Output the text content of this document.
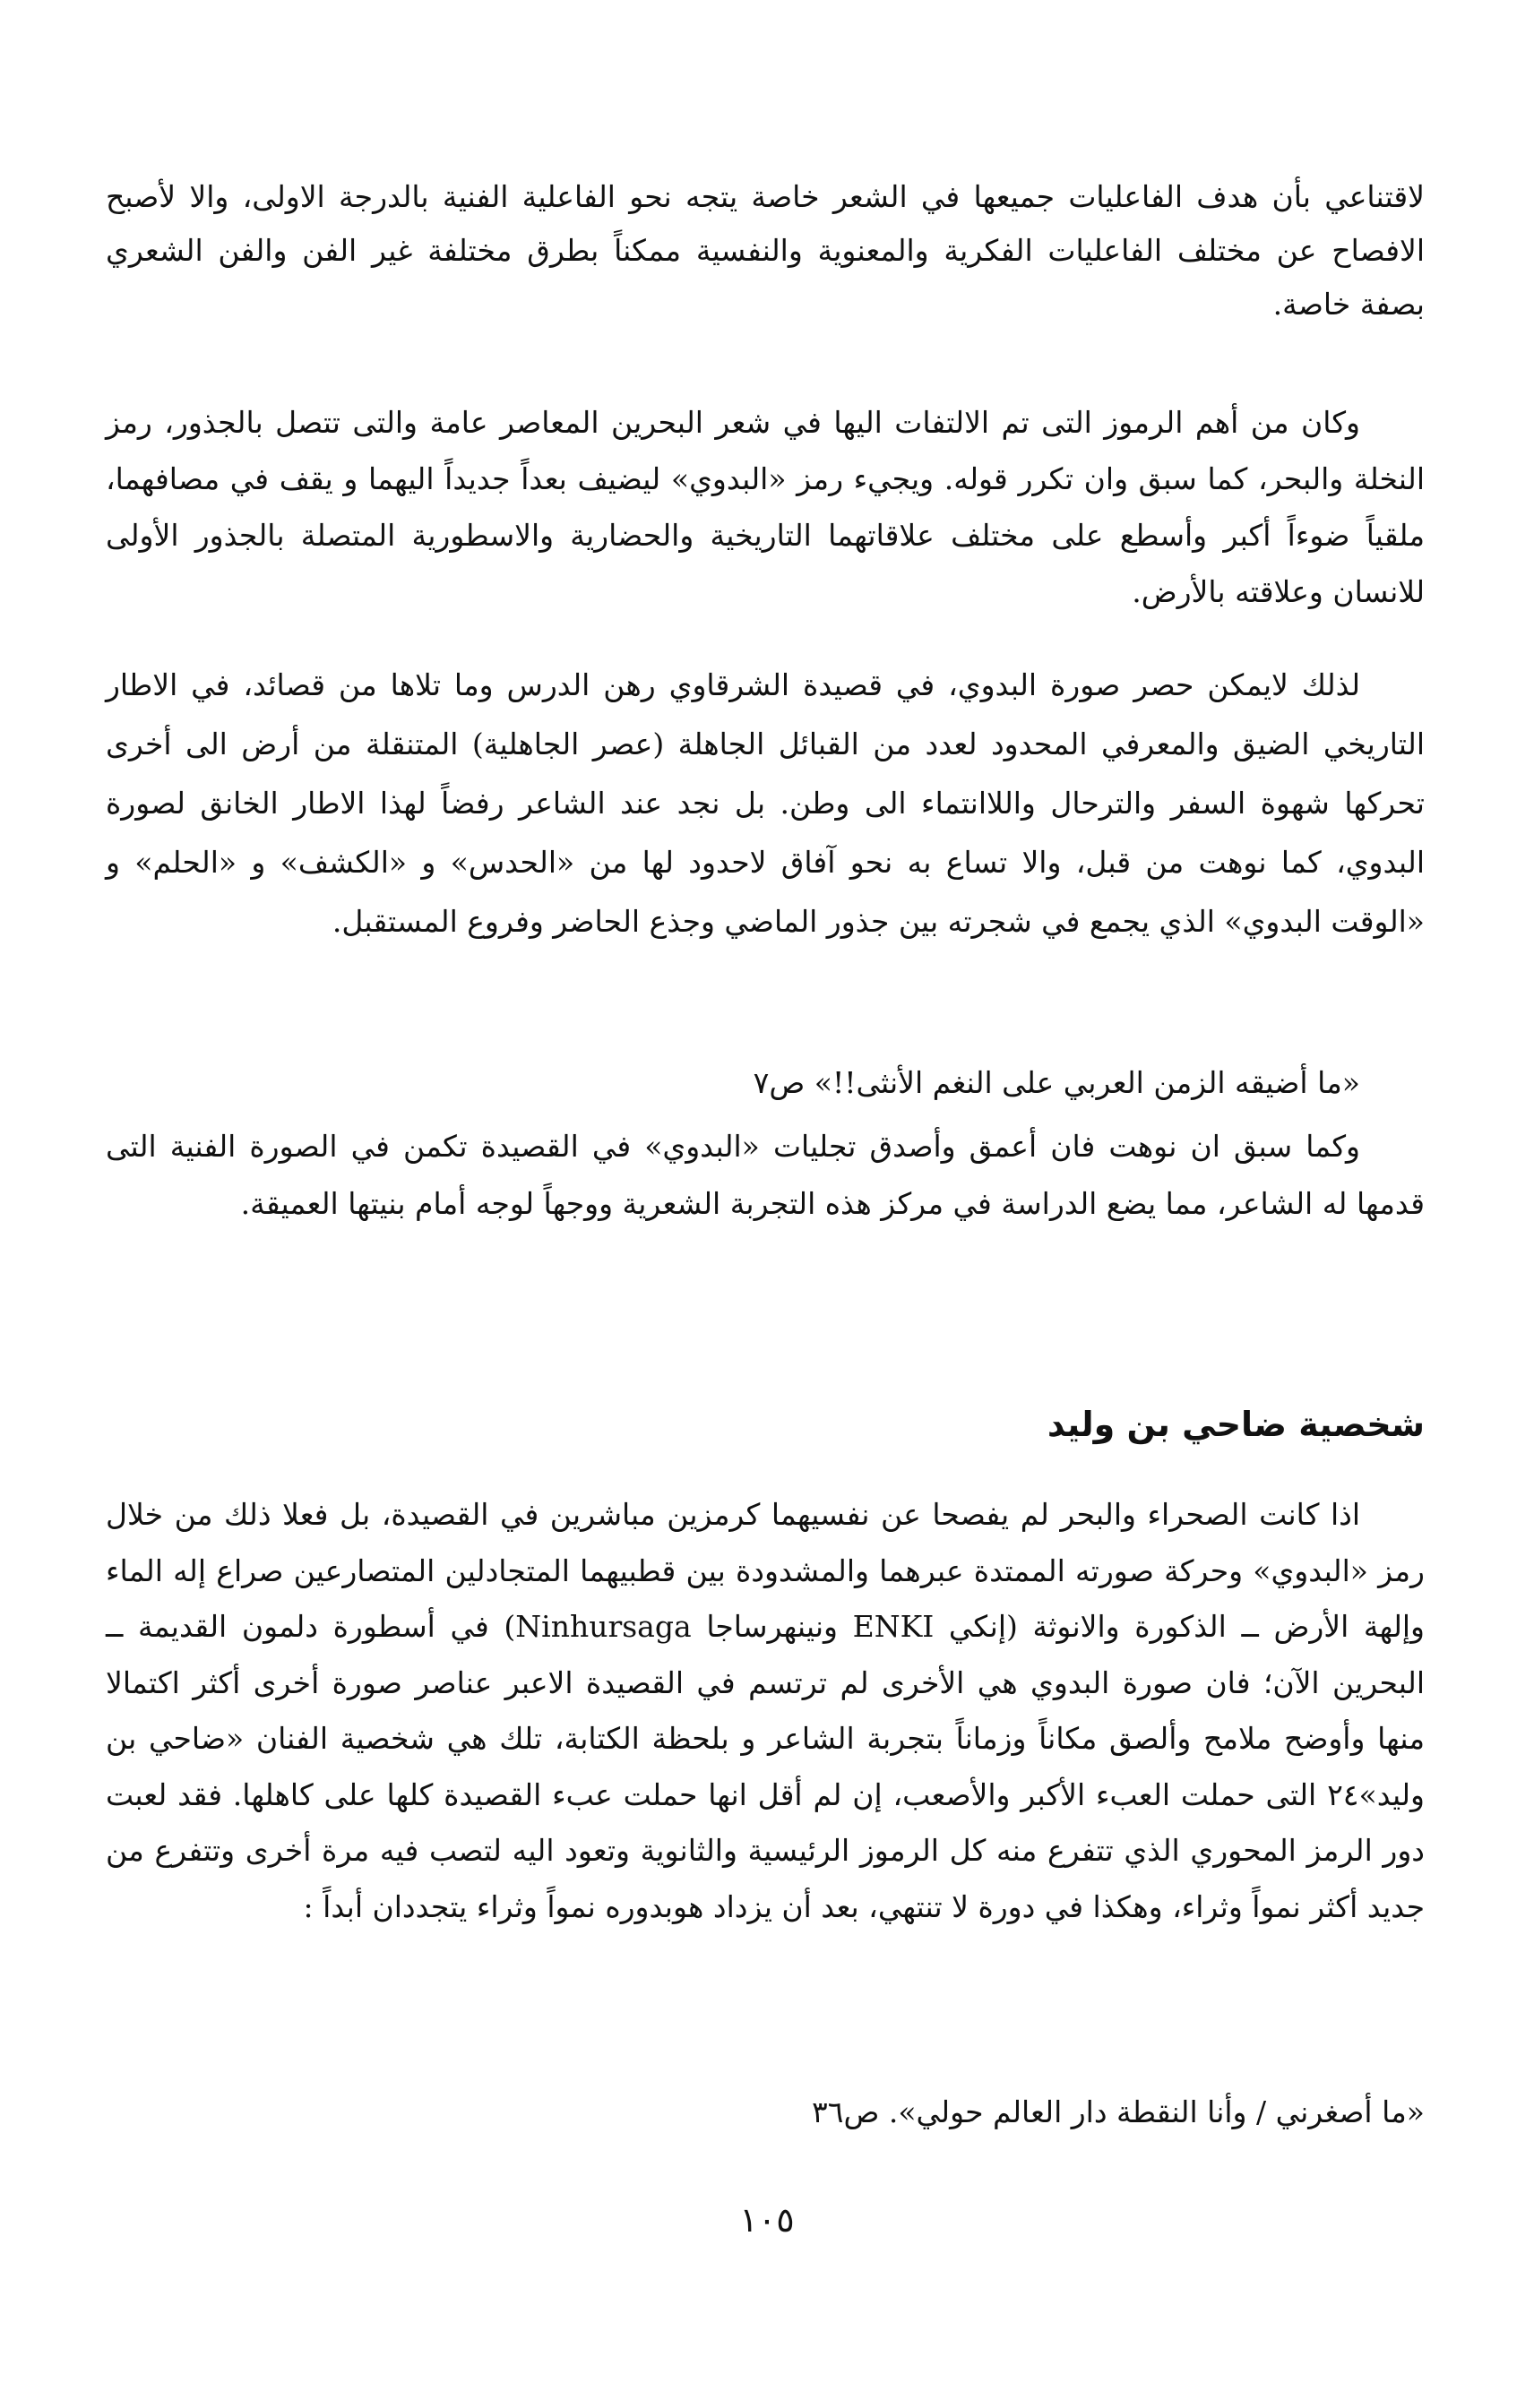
لاقتناعي بأن هدف الفاعليات جميعها في الشعر خاصة يتجه نحو الفاعلية الفنية بالدرجة الاولى، والا لأصبح الافصاح عن مختلف الفاعليات الفكرية والمعنوية والنفسية ممكناً بطرق مختلفة غير الفن والفن الشعري بصفة خاصة.

وكان من أهم الرموز التى تم الالتفات اليها في شعر البحرين المعاصر عامة والتى تتصل بالجذور، رمز النخلة والبحر، كما سبق وان تكرر قوله. ويجيء رمز «البدوي» ليضيف بعداً جديداً اليهما و يقف في مصافهما، ملقياً ضوءاً أكبر وأسطع على مختلف علاقاتهما التاريخية والحضارية والاسطورية المتصلة بالجذور الأولى للانسان وعلاقته بالأرض.

لذلك لايمكن حصر صورة البدوي، في قصيدة الشرقاوي رهن الدرس وما تلاها من قصائد، في الاطار التاريخي الضيق والمعرفي المحدود لعدد من القبائل الجاهلة (عصر الجاهلية) المتنقلة من أرض الى أخرى تحركها شهوة السفر والترحال واللاانتماء الى وطن. بل نجد عند الشاعر رفضاً لهذا الاطار الخانق لصورة البدوي، كما نوهت من قبل، والا تساع به نحو آفاق لاحدود لها من «الحدس» و «الكشف» و «الحلم» و «الوقت البدوي» الذي يجمع في شجرته بين جذور الماضي وجذع الحاضر وفروع المستقبل.

«ما أضيقه الزمن العربي على النغم الأنثى!!» ص٧

وكما سبق ان نوهت فان أعمق وأصدق تجليات «البدوي» في القصيدة تكمن في الصورة الفنية التى قدمها له الشاعر، مما يضع الدراسة في مركز هذه التجربة الشعرية ووجهاً لوجه أمام بنيتها العميقة.

شخصية ضاحي بن وليد

اذا كانت الصحراء والبحر لم يفصحا عن نفسيهما كرمزين مباشرين في القصيدة، بل فعلا ذلك من خلال رمز «البدوي» وحركة صورته الممتدة عبرهما والمشدودة بين قطبيهما المتجادلين المتصارعين صراع إله الماء وإلهة الأرض ــ الذكورة والانوثة (إنكي ENKI ونينهرساجا Ninhursaga) في أسطورة دلمون القديمة ــ البحرين الآن؛ فان صورة البدوي هي الأخرى لم ترتسم في القصيدة الاعبر عناصر صورة أخرى أكثر اكتمالا منها وأوضح ملامح وألصق مكاناً وزماناً بتجربة الشاعر و بلحظة الكتابة، تلك هي شخصية الفنان «ضاحي بن وليد»٢٤ التى حملت العبء الأكبر والأصعب، إن لم أقل انها حملت عبء القصيدة كلها على كاهلها. فقد لعبت دور الرمز المحوري الذي تتفرع منه كل الرموز الرئيسية والثانوية وتعود اليه لتصب فيه مرة أخرى وتتفرع من جديد أكثر نمواً وثراء، وهكذا في دورة لا تنتهي، بعد أن يزداد هوبدوره نمواً وثراء يتجددان أبداً :

«ما أصغرني / وأنا النقطة دار العالم حولي». ص٣٦

١٠٥
